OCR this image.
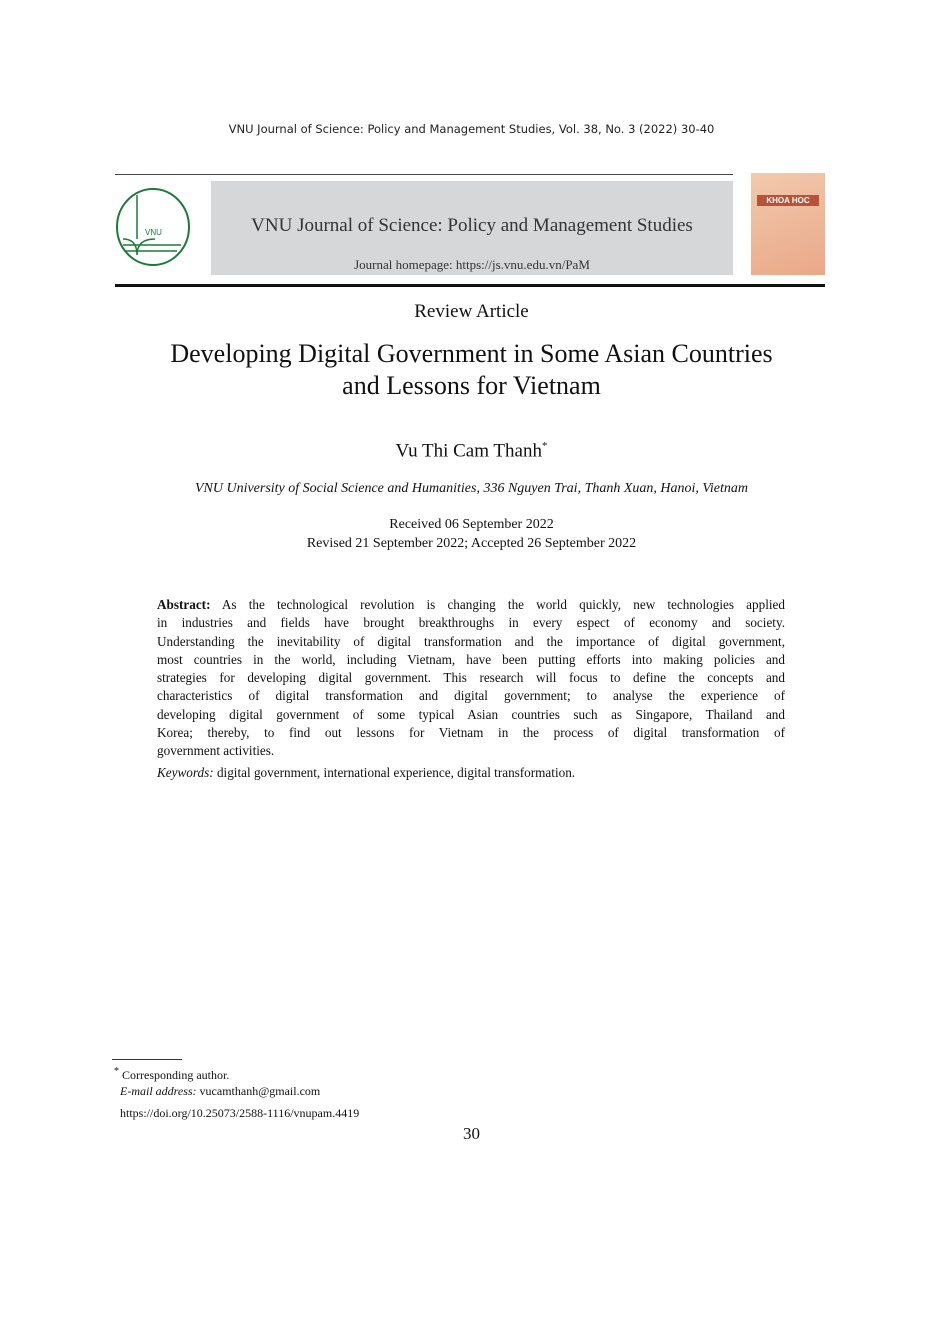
VNU Journal of Science: Policy and Management Studies, Vol. 38, No. 3 (2022) 30-40
VNU	VNU Journal of Science: Policy and Management Studies
Journal homepage: https://js.vnu.edu.vn/PaM
KHOA HOC
Review Article
Developing Digital Government in Some Asian Countries
and Lessons for Vietnam
Vu Thi Cam Thanh*
VNU University of Social Science and Humanities, 336 Nguyen Trai, Thanh Xuan, Hanoi, Vietnam
Received 06 September 2022
Revised 21 September 2022; Accepted 26 September 2022
Abstract: As the technological revolution is changing the world quickly, new technologies applied
in industries and fields have brought breakthroughs in every espect of economy and society.
Understanding the inevitability of digital transformation and the importance of digital government,
most countries in the world, including Vietnam, have been putting efforts into making policies and
strategies for developing digital government. This research will focus to define the concepts and
characteristics of digital transformation and digital government; to analyse the experience of
developing digital government of some typical Asian countries such as Singapore, Thailand and
Korea; thereby, to find out lessons for Vietnam in the process of digital transformation of
government activities.
Keywords: digital government, international experience, digital transformation.
* Corresponding author.
E-mail address: vucamthanh@gmail.com
https://doi.org/10.25073/2588-1116/vnupam.4419
30
